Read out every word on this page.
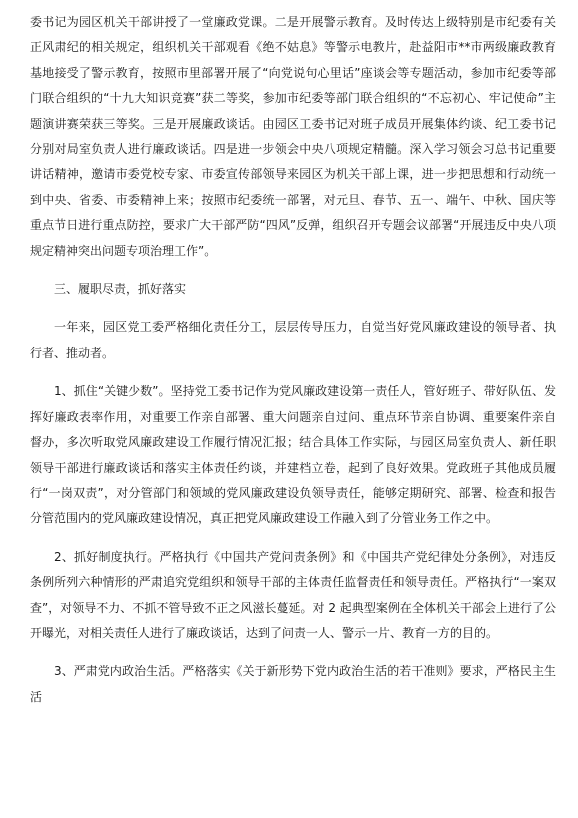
委书记为园区机关干部讲授了一堂廉政党课。二是开展警示教育。及时传达上级特别是市纪委有关正风肃纪的相关规定，组织机关干部观看《绝不姑息》等警示电教片，赴益阳市**市两级廉政教育基地接受了警示教育，按照市里部署开展了“向党说句心里话”座谈会等专题活动，参加市纪委等部门联合组织的“十九大知识竞赛”获二等奖，参加市纪委等部门联合组织的“不忘初心、牢记使命”主题演讲赛荣获三等奖。三是开展廉政谈话。由园区工委书记对班子成员开展集体约谈、纪工委书记分别对局室负责人进行廉政谈话。四是进一步领会中央八项规定精髓。深入学习领会习总书记重要讲话精神，邀请市委党校专家、市委宣传部领导来园区为机关干部上课，进一步把思想和行动统一到中央、省委、市委精神上来；按照市纪委统一部署，对元旦、春节、五一、端午、中秋、国庆等重点节日进行重点防控，要求广大干部严防“四风”反弹，组织召开专题会议部署“开展违反中央八项规定精神突出问题专项治理工作”。

三、履职尽责，抓好落实

一年来，园区党工委严格细化责任分工，层层传导压力，自觉当好党风廉政建设的领导者、执行者、推动者。

1、抓住“关键少数”。坚持党工委书记作为党风廉政建设第一责任人，管好班子、带好队伍、发挥好廉政表率作用，对重要工作亲自部署、重大问题亲自过问、重点环节亲自协调、重要案件亲自督办，多次听取党风廉政建设工作履行情况汇报；结合具体工作实际，与园区局室负责人、新任职领导干部进行廉政谈话和落实主体责任约谈，并建档立卷，起到了良好效果。党政班子其他成员履行“一岗双责”，对分管部门和领域的党风廉政建设负领导责任，能够定期研究、部署、检查和报告分管范围内的党风廉政建设情况，真正把党风廉政建设工作融入到了分管业务工作之中。

2、抓好制度执行。严格执行《中国共产党问责条例》和《中国共产党纪律处分条例》，对违反条例所列六种情形的严肃追究党组织和领导干部的主体责任监督责任和领导责任。严格执行“一案双查”，对领导不力、不抓不管导致不正之风滋长蔓延。对 2 起典型案例在全体机关干部会上进行了公开曝光，对相关责任人进行了廉政谈话，达到了问责一人、警示一片、教育一方的目的。

3、严肃党内政治生活。严格落实《关于新形势下党内政治生活的若干准则》要求，严格民主生活
